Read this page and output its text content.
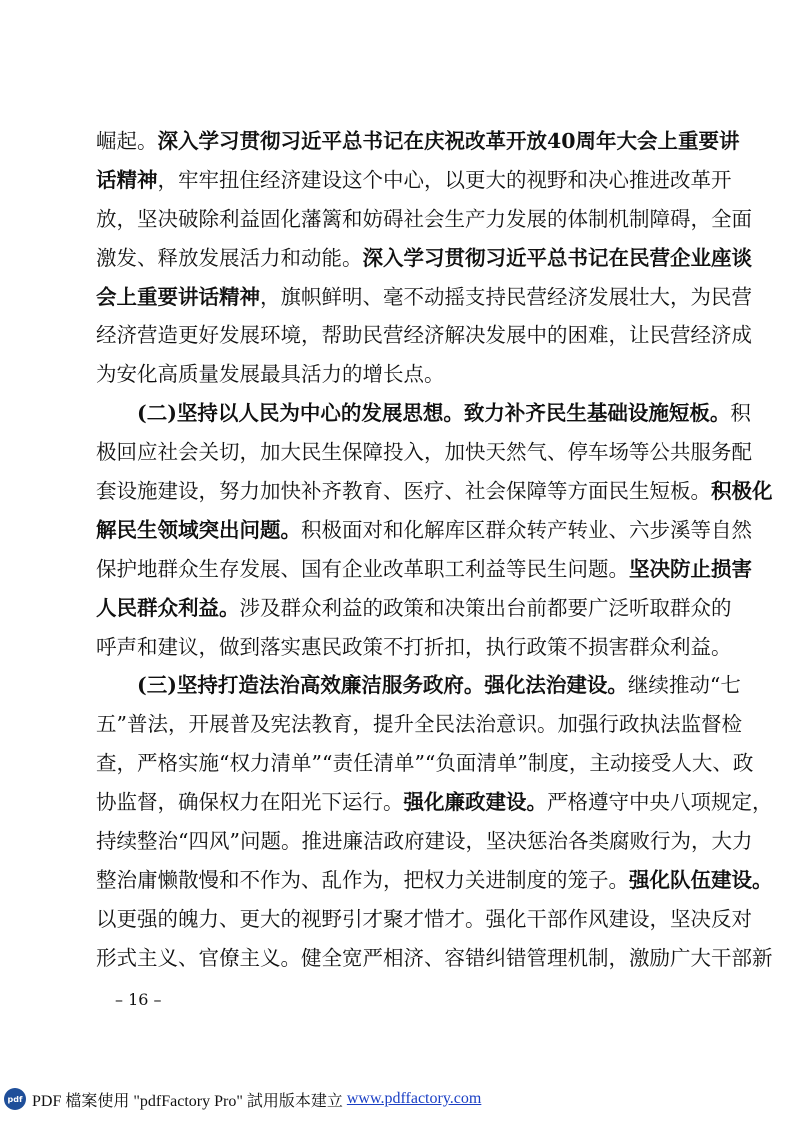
崛起。深入学习贯彻习近平总书记在庆祝改革开放40周年大会上重要讲
话精神，牢牢扭住经济建设这个中心，以更大的视野和决心推进改革开
放，坚决破除利益固化藩篱和妨碍社会生产力发展的体制机制障碍，全面
激发、释放发展活力和动能。深入学习贯彻习近平总书记在民营企业座谈
会上重要讲话精神，旗帜鲜明、毫不动摇支持民营经济发展壮大，为民营
经济营造更好发展环境，帮助民营经济解决发展中的困难，让民营经济成
为安化高质量发展最具活力的增长点。
　　(二)坚持以人民为中心的发展思想。致力补齐民生基础设施短板。积
极回应社会关切，加大民生保障投入，加快天然气、停车场等公共服务配
套设施建设，努力加快补齐教育、医疗、社会保障等方面民生短板。积极化
解民生领域突出问题。积极面对和化解库区群众转产转业、六步溪等自然
保护地群众生存发展、国有企业改革职工利益等民生问题。坚决防止损害
人民群众利益。涉及群众利益的政策和决策出台前都要广泛听取群众的
呼声和建议，做到落实惠民政策不打折扣，执行政策不损害群众利益。
　　(三)坚持打造法治高效廉洁服务政府。强化法治建设。继续推动“七
五”普法，开展普及宪法教育，提升全民法治意识。加强行政执法监督检
查，严格实施“权力清单”“责任清单”“负面清单”制度，主动接受人大、政
协监督，确保权力在阳光下运行。强化廉政建设。严格遵守中央八项规定，
持续整治“四风”问题。推进廉洁政府建设，坚决惩治各类腐败行为，大力
整治庸懒散慢和不作为、乱作为，把权力关进制度的笼子。强化队伍建设。
以更强的魄力、更大的视野引才聚才惜才。强化干部作风建设，坚决反对
形式主义、官僚主义。健全宽严相济、容错纠错管理机制，激励广大干部新
– 16 –
pdf PDF 檔案使用 "pdfFactory Pro" 試用版本建立 www.pdffactory.com
